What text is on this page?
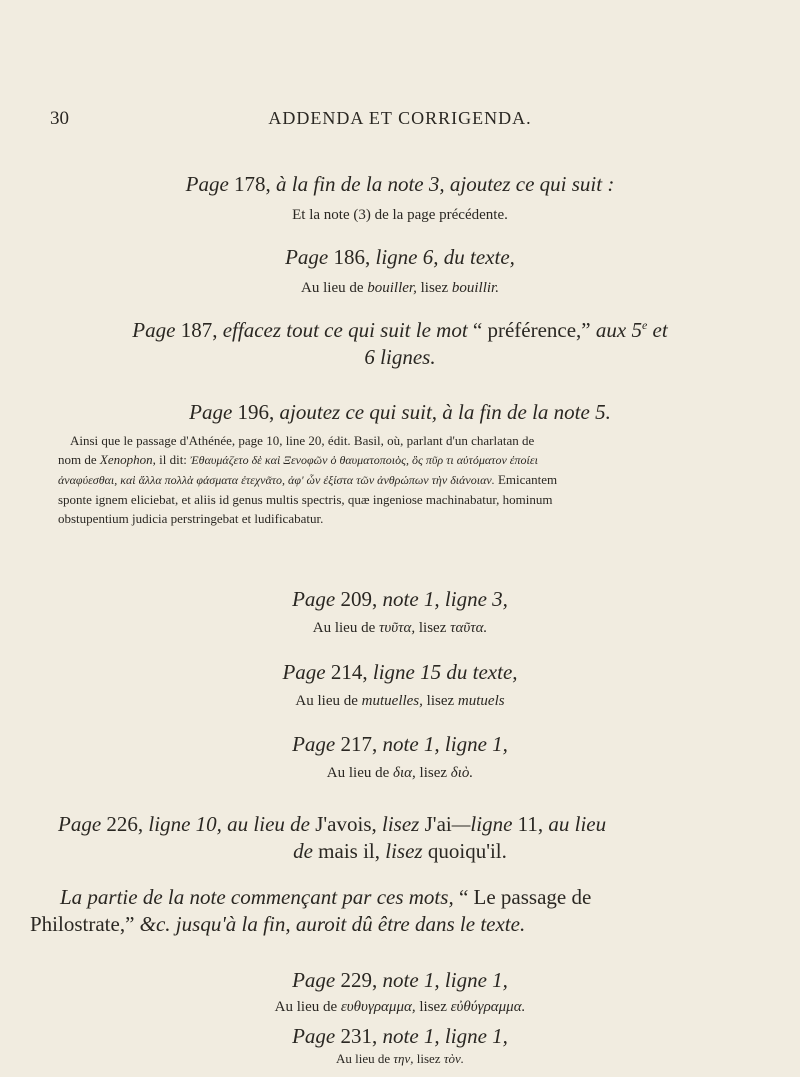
30	ADDENDA ET CORRIGENDA.

Page 178, à la fin de la note 3, ajoutez ce qui suit :

Et la note (3) de la page précédente.

Page 186, ligne 6, du texte,

Au lieu de bouiller, lisez bouillir.

Page 187, effacez tout ce qui suit le mot “ préférence,” aux 5e et

6 lignes.

Page 196, ajoutez ce qui suit, à la fin de la note 5.

Ainsi que le passage d'Athénée, page 10, line 20, édit. Basil, où, parlant d'un charlatan de

nom de Xenophon, il dit: Ἐθαυμάζετο δὲ καὶ Ξενοφῶν ὁ θαυματοποιὸς, ὃς πῦρ τι αὐτόματον ἐποίει

ἀναφύεσθαι, καὶ ἄλλα πολλὰ φάσματα ἐτεχνᾶτο, ἀφ' ὧν ἐξίστα τῶν ἀνθρώπων τὴν διάνοιαν. Emicantem

sponte ignem eliciebat, et aliis id genus multis spectris, quæ ingeniose machinabatur, hominum

obstupentium judicia perstringebat et ludificabatur.

Page 209, note 1, ligne 3,

Au lieu de τυῦτα, lisez ταῦτα.

Page 214, ligne 15 du texte,

Au lieu de mutuelles, lisez mutuels

Page 217, note 1, ligne 1,

Au lieu de δια, lisez διὸ.

Page 226, ligne 10, au lieu de J'avois, lisez J'ai—ligne 11, au lieu

de mais il, lisez quoiqu'il.

La partie de la note commençant par ces mots, “ Le passage de

Philostrate,” &c. jusqu'à la fin, auroit dû être dans le texte.

Page 229, note 1, ligne 1,

Au lieu de ευθυγραμμα, lisez εὐθύγραμμα.

Page 231, note 1, ligne 1,

Au lieu de την, lisez τὸν.
